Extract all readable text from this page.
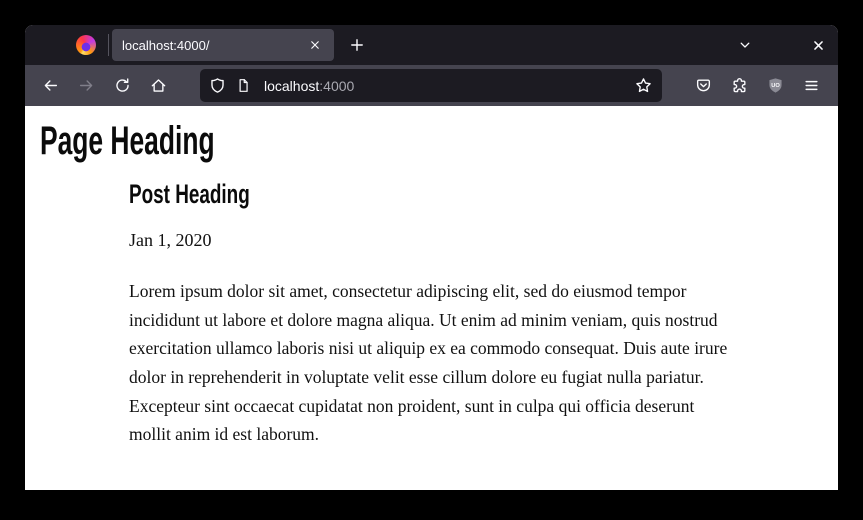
localhost:4000/
localhost:4000	UO
Page Heading
Post Heading
Jan 1, 2020

Lorem ipsum dolor sit amet, consectetur adipiscing elit, sed do eiusmod tempor incididunt ut labore et dolore magna aliqua. Ut enim ad minim veniam, quis nostrud exercitation ullamco laboris nisi ut aliquip ex ea commodo consequat. Duis aute irure dolor in reprehenderit in voluptate velit esse cillum dolore eu fugiat nulla pariatur. Excepteur sint occaecat cupidatat non proident, sunt in culpa qui officia deserunt mollit anim id est laborum.
